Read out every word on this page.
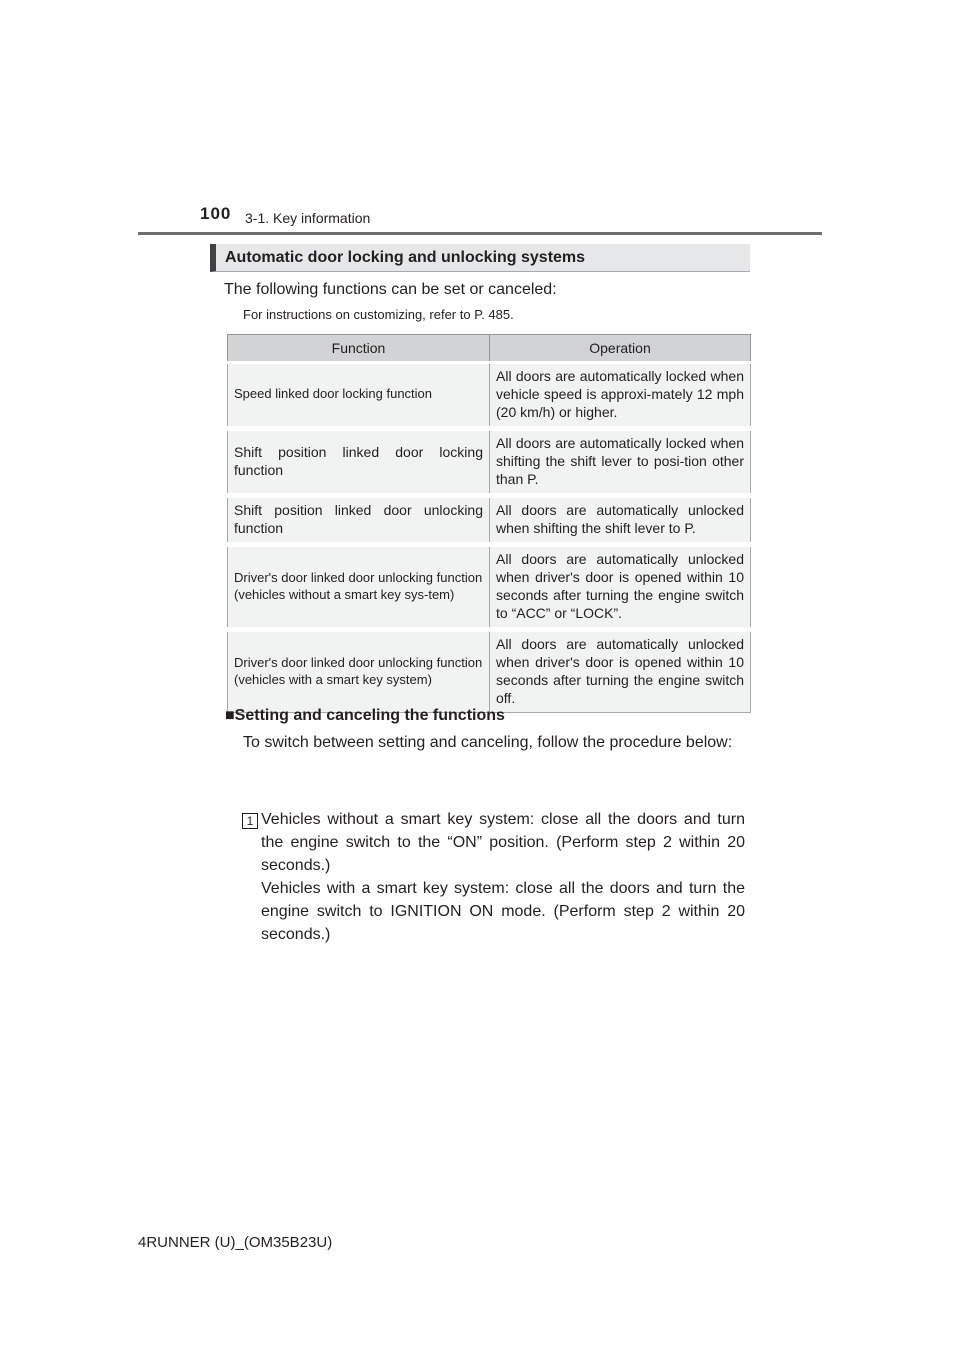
100 3-1. Key information
Automatic door locking and unlocking systems
The following functions can be set or canceled:
For instructions on customizing, refer to P. 485.
Function	Operation
Speed linked door locking function	All doors are automatically locked when vehicle speed is approxi-mately 12 mph (20 km/h) or higher.
Shift position linked door locking function	All doors are automatically locked when shifting the shift lever to posi-tion other than P.
Shift position linked door unlocking function	All doors are automatically unlocked when shifting the shift lever to P.
Driver's door linked door unlocking function
(vehicles without a smart key sys-tem)	All doors are automatically unlocked when driver's door is opened within 10 seconds after turning the engine switch to “ACC” or “LOCK”.
Driver's door linked door unlocking function
(vehicles with a smart key system)	All doors are automatically unlocked when driver's door is opened within 10 seconds after turning the engine switch off.
■Setting and canceling the functions
To switch between setting and canceling, follow the procedure below:
1 Vehicles without a smart key system: close all the doors and turn the engine switch to the “ON” position. (Perform step 2 within 20 seconds.)
Vehicles with a smart key system: close all the doors and turn the engine switch to IGNITION ON mode. (Perform step 2 within 20 seconds.)
4RUNNER (U)_(OM35B23U)
